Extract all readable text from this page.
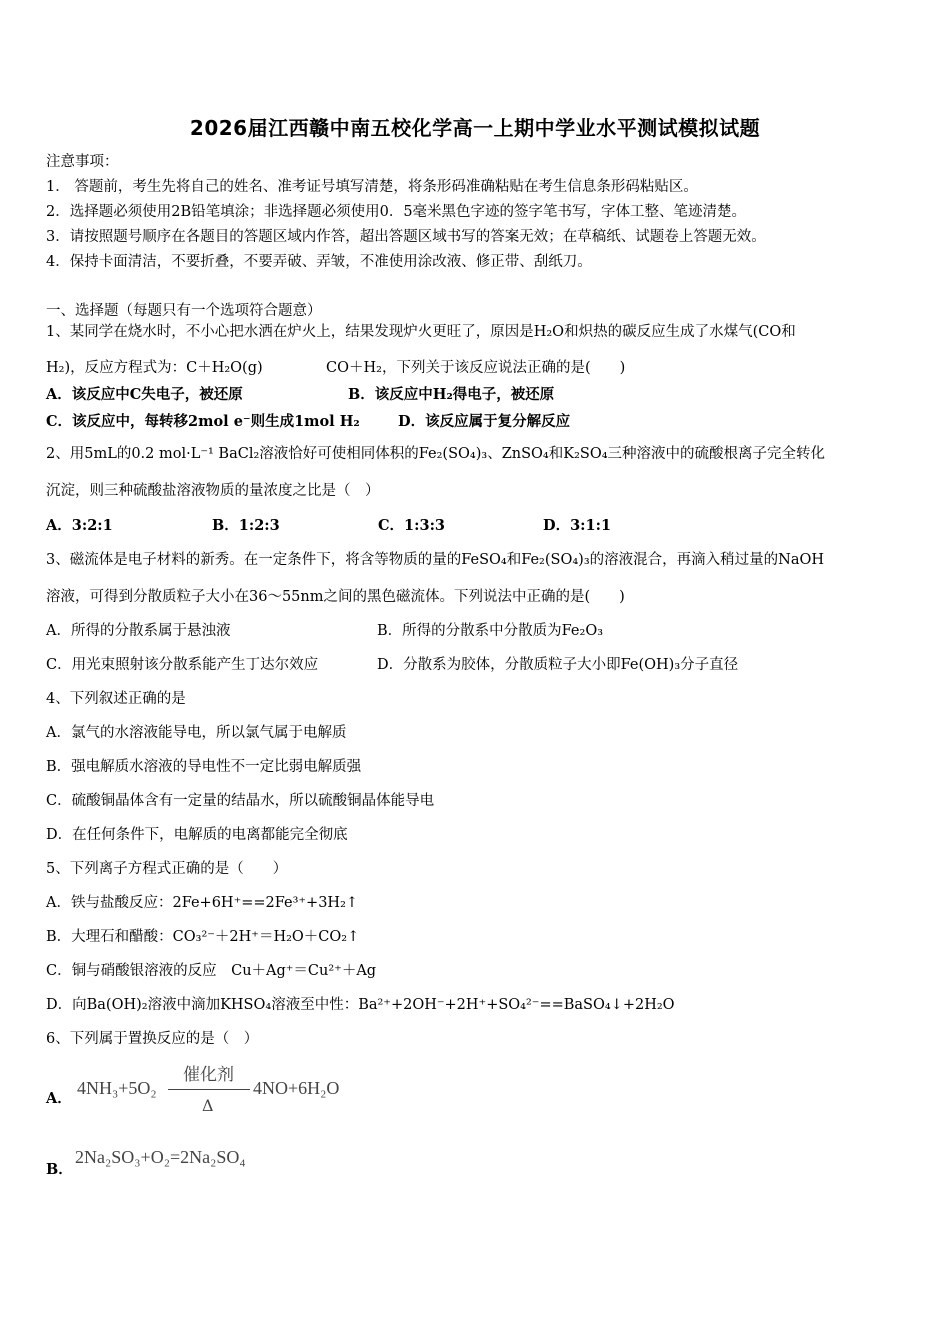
2026届江西赣中南五校化学高一上期中学业水平测试模拟试题
注意事项：
1． 答题前，考生先将自己的姓名、准考证号填写清楚，将条形码准确粘贴在考生信息条形码粘贴区。
2．选择题必须使用2B铅笔填涂；非选择题必须使用0．5毫米黑色字迹的签字笔书写，字体工整、笔迹清楚。
3．请按照题号顺序在各题目的答题区域内作答，超出答题区域书写的答案无效；在草稿纸、试题卷上答题无效。
4．保持卡面清洁，不要折叠，不要弄破、弄皱，不准使用涂改液、修正带、刮纸刀。
一、选择题（每题只有一个选项符合题意）
1、某同学在烧水时，不小心把水洒在炉火上，结果发现炉火更旺了，原因是H₂O和炽热的碳反应生成了水煤气(CO和
H₂)，反应方程式为：C＋H₂O(g)	CO＋H₂，下列关于该反应说法正确的是(　　)
A．该反应中C失电子，被还原	B．该反应中H₂得电子，被还原
C．该反应中，每转移2mol e⁻则生成1mol H₂	D．该反应属于复分解反应
2、用5mL的0.2 mol·L⁻¹ BaCl₂溶液恰好可使相同体积的Fe₂(SO₄)₃、ZnSO₄和K₂SO₄三种溶液中的硫酸根离子完全转化
沉淀，则三种硫酸盐溶液物质的量浓度之比是（　）
A．3:2:1	B．1:2:3	C．1:3:3	D．3:1:1
3、磁流体是电子材料的新秀。在一定条件下，将含等物质的量的FeSO₄和Fe₂(SO₄)₃的溶液混合，再滴入稍过量的NaOH
溶液，可得到分散质粒子大小在36～55nm之间的黑色磁流体。下列说法中正确的是(　　)
A．所得的分散系属于悬浊液	B．所得的分散系中分散质为Fe₂O₃
C．用光束照射该分散系能产生丁达尔效应	D．分散系为胶体，分散质粒子大小即Fe(OH)₃分子直径
4、下列叙述正确的是
A．氯气的水溶液能导电，所以氯气属于电解质
B．强电解质水溶液的导电性不一定比弱电解质强
C．硫酸铜晶体含有一定量的结晶水，所以硫酸铜晶体能导电
D．在任何条件下，电解质的电离都能完全彻底
5、下列离子方程式正确的是（　　）
A．铁与盐酸反应：2Fe+6H⁺==2Fe³⁺+3H₂↑
B．大理石和醋酸：CO₃²⁻＋2H⁺＝H₂O＋CO₂↑
C．铜与硝酸银溶液的反应　Cu＋Ag⁺＝Cu²⁺＋Ag
D．向Ba(OH)₂溶液中滴加KHSO₄溶液至中性：Ba²⁺+2OH⁻+2H⁺+SO₄²⁻==BaSO₄↓+2H₂O
6、下列属于置换反应的是（　）
A．
4NH₃+5O₂
催化剂
Δ
4NO+6H₂O
B．
2Na₂SO₃+O₂=2Na₂SO₄
